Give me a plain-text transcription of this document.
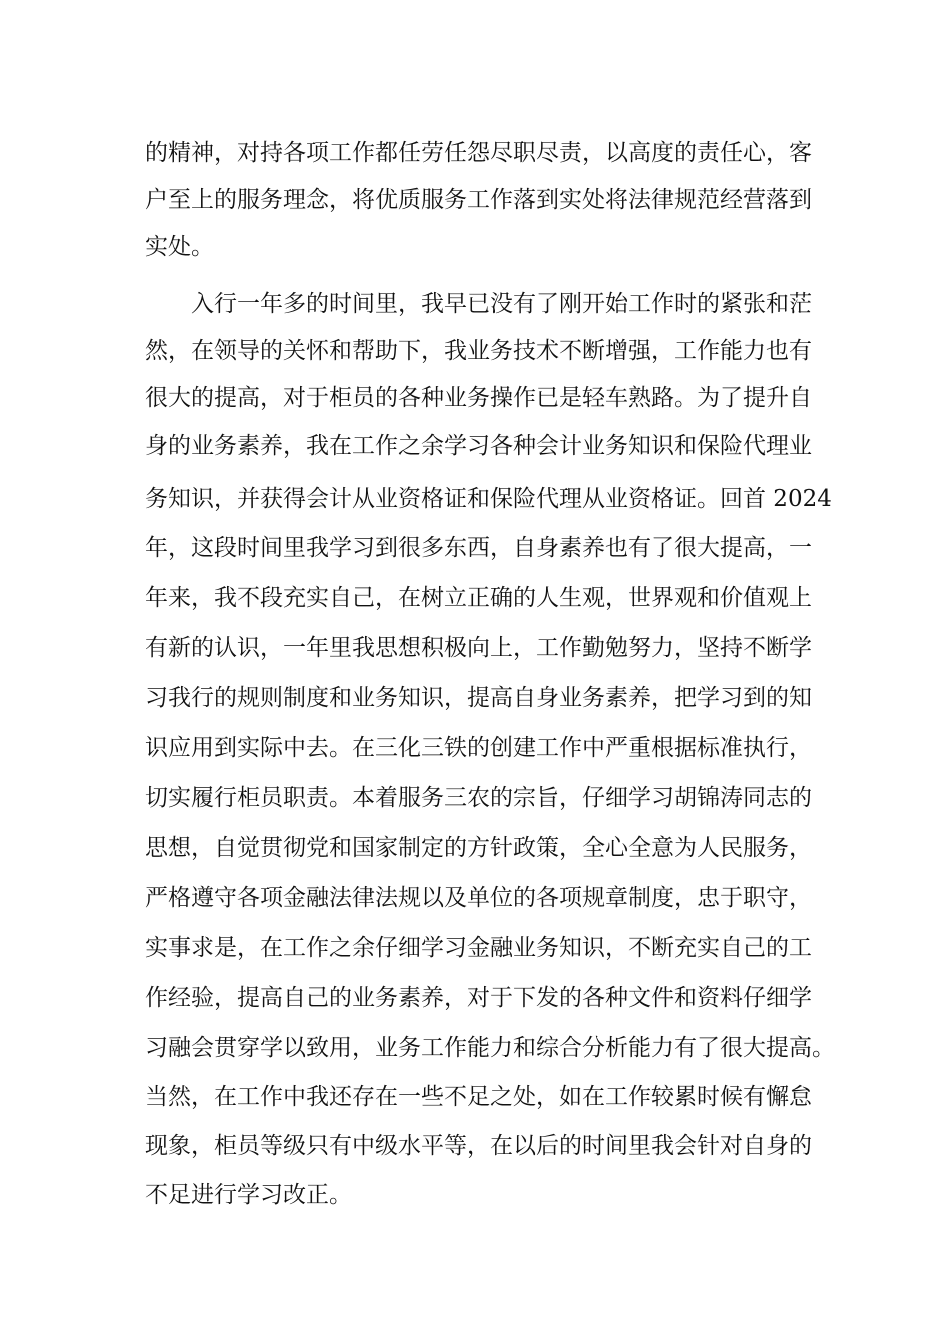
的精神，对持各项工作都任劳任怨尽职尽责，以高度的责任心，客
户至上的服务理念，将优质服务工作落到实处将法律规范经营落到
实处。
入行一年多的时间里，我早已没有了刚开始工作时的紧张和茫
然，在领导的关怀和帮助下，我业务技术不断增强，工作能力也有
很大的提高，对于柜员的各种业务操作已是轻车熟路。为了提升自
身的业务素养，我在工作之余学习各种会计业务知识和保险代理业
务知识，并获得会计从业资格证和保险代理从业资格证。回首 2024
年，这段时间里我学习到很多东西，自身素养也有了很大提高，一
年来，我不段充实自己，在树立正确的人生观，世界观和价值观上
有新的认识，一年里我思想积极向上，工作勤勉努力，坚持不断学
习我行的规则制度和业务知识，提高自身业务素养，把学习到的知
识应用到实际中去。在三化三铁的创建工作中严重根据标准执行，
切实履行柜员职责。本着服务三农的宗旨，仔细学习胡锦涛同志的
思想，自觉贯彻党和国家制定的方针政策，全心全意为人民服务，
严格遵守各项金融法律法规以及单位的各项规章制度，忠于职守，
实事求是，在工作之余仔细学习金融业务知识，不断充实自己的工
作经验，提高自己的业务素养，对于下发的各种文件和资料仔细学
习融会贯穿学以致用，业务工作能力和综合分析能力有了很大提高。
当然，在工作中我还存在一些不足之处，如在工作较累时候有懈怠
现象，柜员等级只有中级水平等，在以后的时间里我会针对自身的
不足进行学习改正。
